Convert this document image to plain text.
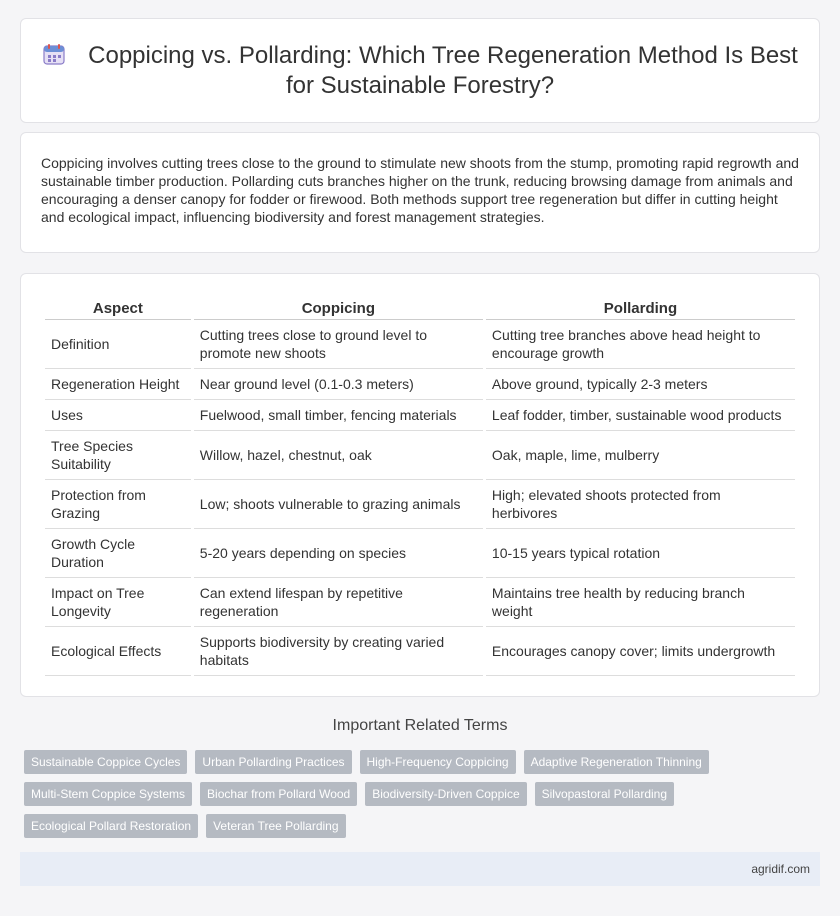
Coppicing vs. Pollarding: Which Tree Regeneration Method Is Best for Sustainable Forestry?

Coppicing involves cutting trees close to the ground to stimulate new shoots from the stump, promoting rapid regrowth and sustainable timber production. Pollarding cuts branches higher on the trunk, reducing browsing damage from animals and encouraging a denser canopy for fodder or firewood. Both methods support tree regeneration but differ in cutting height and ecological impact, influencing biodiversity and forest management strategies.

Aspect	Coppicing	Pollarding
Definition	Cutting trees close to ground level to promote new shoots	Cutting tree branches above head height to encourage growth
Regeneration Height	Near ground level (0.1-0.3 meters)	Above ground, typically 2-3 meters
Uses	Fuelwood, small timber, fencing materials	Leaf fodder, timber, sustainable wood products
Tree Species Suitability	Willow, hazel, chestnut, oak	Oak, maple, lime, mulberry
Protection from Grazing	Low; shoots vulnerable to grazing animals	High; elevated shoots protected from herbivores
Growth Cycle Duration	5-20 years depending on species	10-15 years typical rotation
Impact on Tree Longevity	Can extend lifespan by repetitive regeneration	Maintains tree health by reducing branch weight
Ecological Effects	Supports biodiversity by creating varied habitats	Encourages canopy cover; limits undergrowth
Important Related Terms
Sustainable Coppice Cycles	Urban Pollarding Practices	High-Frequency Coppicing	Adaptive Regeneration Thinning
Multi-Stem Coppice Systems	Biochar from Pollard Wood	Biodiversity-Driven Coppice	Silvopastoral Pollarding
Ecological Pollard Restoration	Veteran Tree Pollarding
agridif.com
